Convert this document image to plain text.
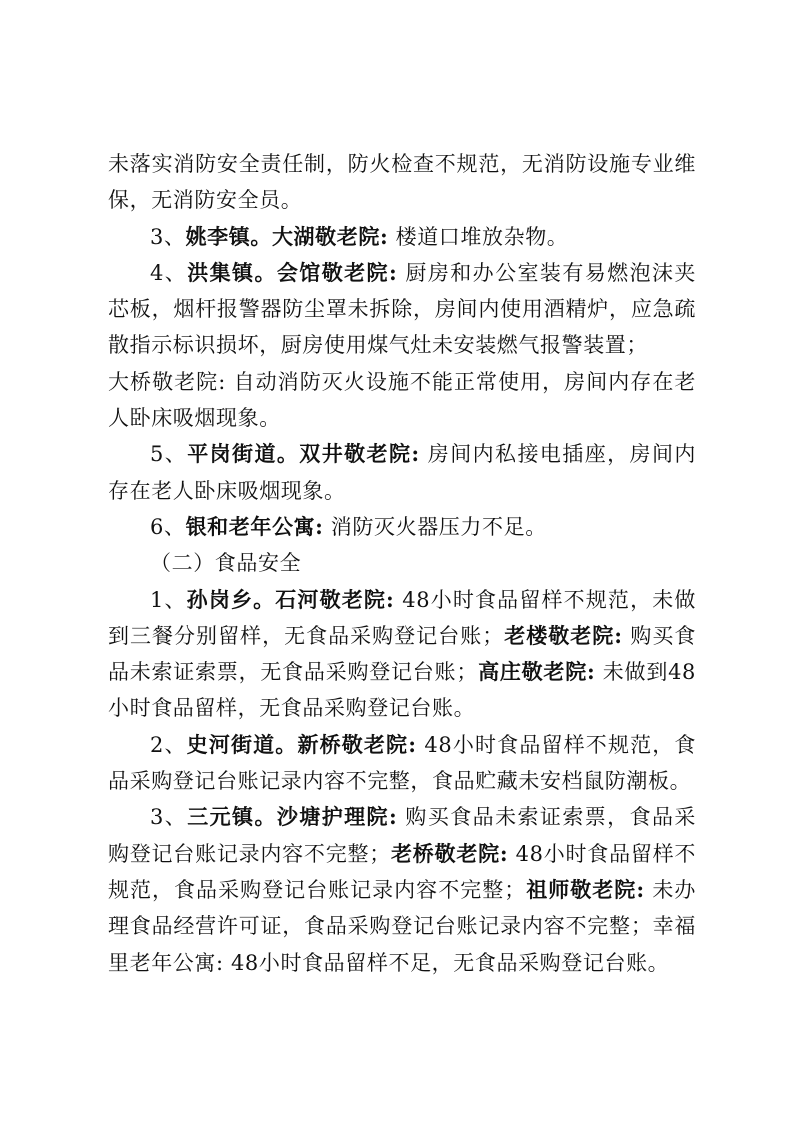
未落实消防安全责任制，防火检查不规范，无消防设施专业维保，无消防安全员。

3、姚李镇。大湖敬老院: 楼道口堆放杂物。

4、洪集镇。会馆敬老院: 厨房和办公室装有易燃泡沫夹芯板，烟杆报警器防尘罩未拆除，房间内使用酒精炉，应急疏散指示标识损坏，厨房使用煤气灶未安装燃气报警装置；

大桥敬老院: 自动消防灭火设施不能正常使用，房间内存在老人卧床吸烟现象。

5、平岗街道。双井敬老院: 房间内私接电插座，房间内存在老人卧床吸烟现象。

6、银和老年公寓: 消防灭火器压力不足。

（二）食品安全

1、孙岗乡。石河敬老院: 48小时食品留样不规范，未做到三餐分别留样，无食品采购登记台账；老楼敬老院: 购买食品未索证索票，无食品采购登记台账；高庄敬老院: 未做到48小时食品留样，无食品采购登记台账。

2、史河街道。新桥敬老院: 48小时食品留样不规范，食品采购登记台账记录内容不完整，食品贮藏未安档鼠防潮板。

3、三元镇。沙塘护理院: 购买食品未索证索票，食品采购登记台账记录内容不完整；老桥敬老院: 48小时食品留样不规范，食品采购登记台账记录内容不完整；祖师敬老院: 未办理食品经营许可证，食品采购登记台账记录内容不完整；幸福里老年公寓: 48小时食品留样不足，无食品采购登记台账。
